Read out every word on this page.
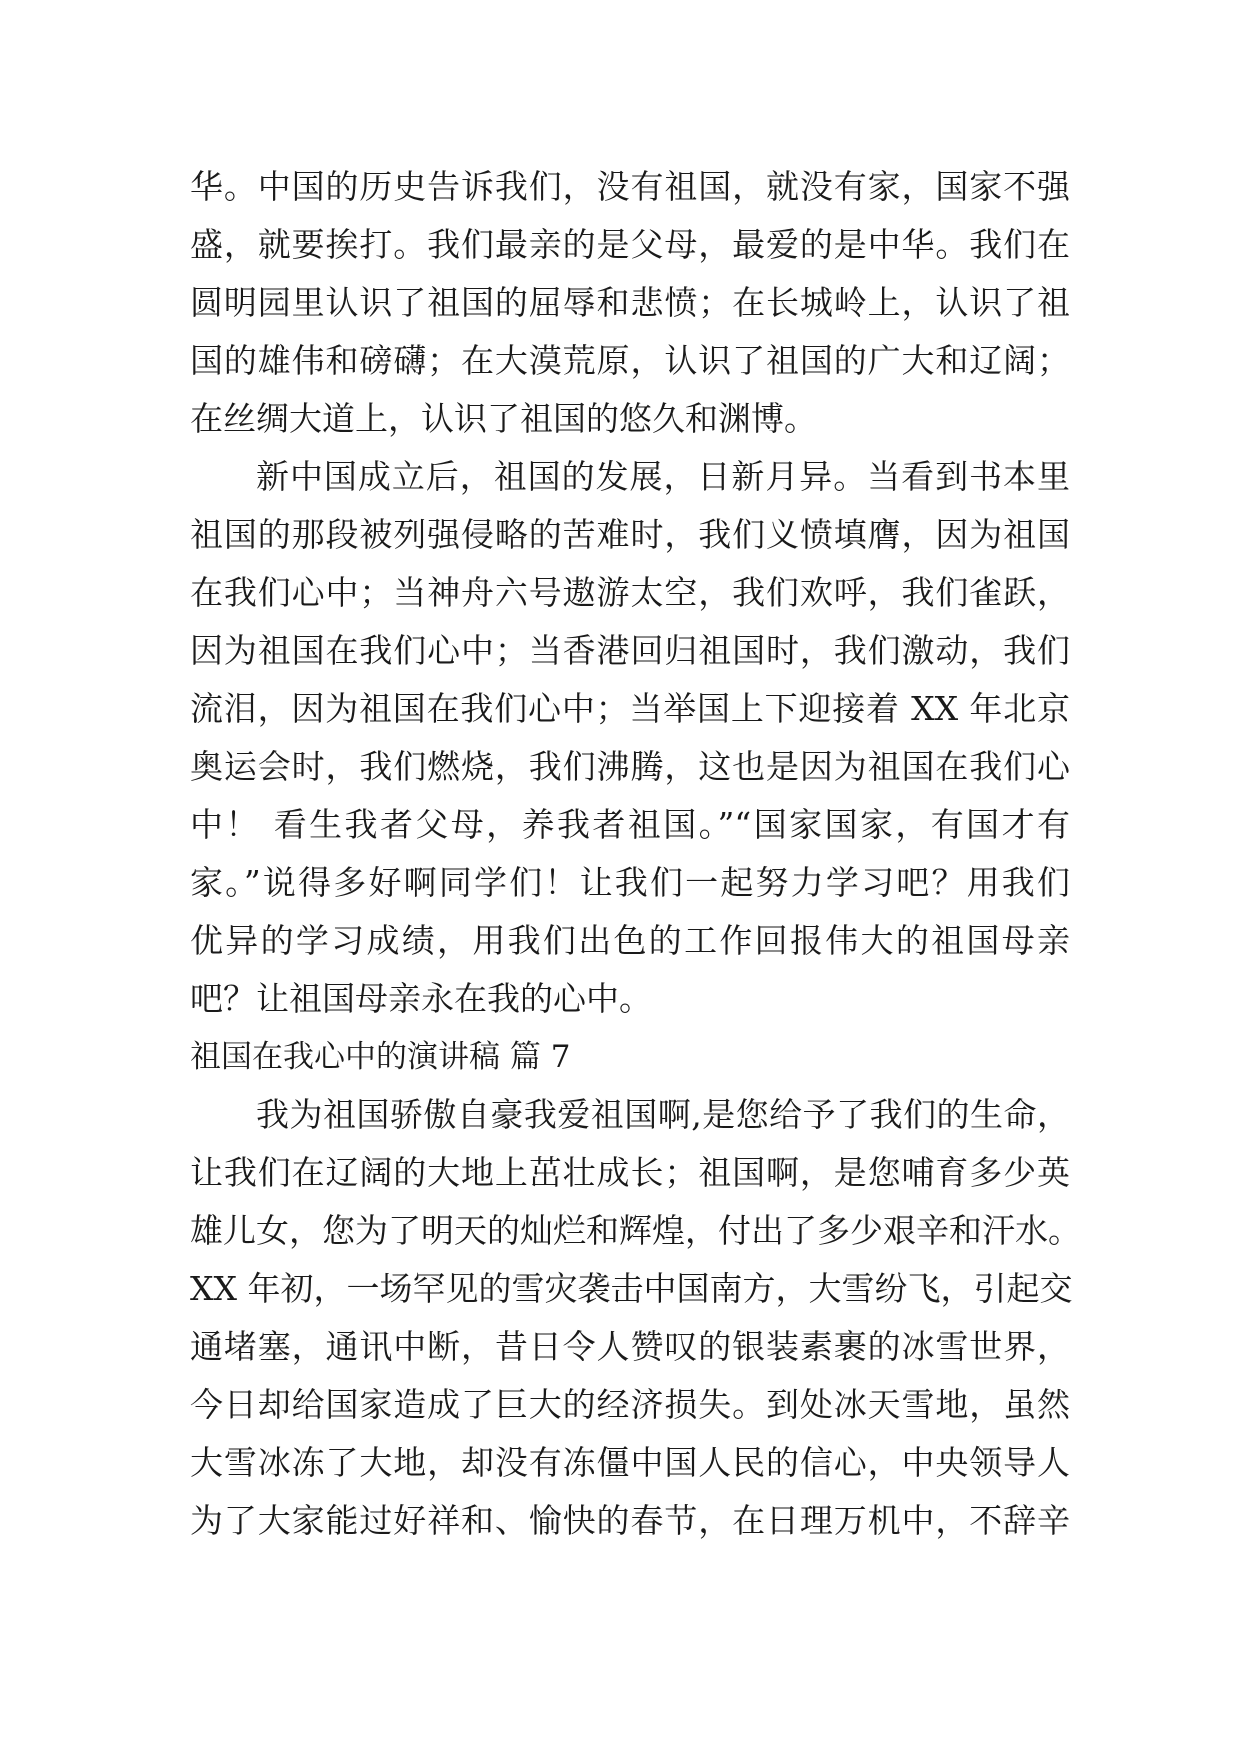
华。中国的历史告诉我们，没有祖国，就没有家，国家不强
盛，就要挨打。我们最亲的是父母，最爱的是中华。我们在
圆明园里认识了祖国的屈辱和悲愤；在长城岭上，认识了祖
国的雄伟和磅礴；在大漠荒原，认识了祖国的广大和辽阔；
在丝绸大道上，认识了祖国的悠久和渊博。
新中国成立后，祖国的发展，日新月异。当看到书本里
祖国的那段被列强侵略的苦难时，我们义愤填膺，因为祖国
在我们心中；当神舟六号遨游太空，我们欢呼，我们雀跃，
因为祖国在我们心中；当香港回归祖国时，我们激动，我们
流泪，因为祖国在我们心中；当举国上下迎接着 XX 年北京
奥运会时，我们燃烧，我们沸腾，这也是因为祖国在我们心
中！ 看生我者父母，养我者祖国。”“国家国家，有国才有
家。”说得多好啊同学们！让我们一起努力学习吧？用我们
优异的学习成绩，用我们出色的工作回报伟大的祖国母亲
吧？让祖国母亲永在我的心中。
祖国在我心中的演讲稿 篇 7
我为祖国骄傲自豪我爱祖国啊,是您给予了我们的生命，
让我们在辽阔的大地上茁壮成长；祖国啊，是您哺育多少英
雄儿女，您为了明天的灿烂和辉煌，付出了多少艰辛和汗水。
XX 年初，一场罕见的雪灾袭击中国南方，大雪纷飞，引起交
通堵塞，通讯中断，昔日令人赞叹的银装素裹的冰雪世界，
今日却给国家造成了巨大的经济损失。到处冰天雪地，虽然
大雪冰冻了大地，却没有冻僵中国人民的信心，中央领导人
为了大家能过好祥和、愉快的春节，在日理万机中，不辞辛
